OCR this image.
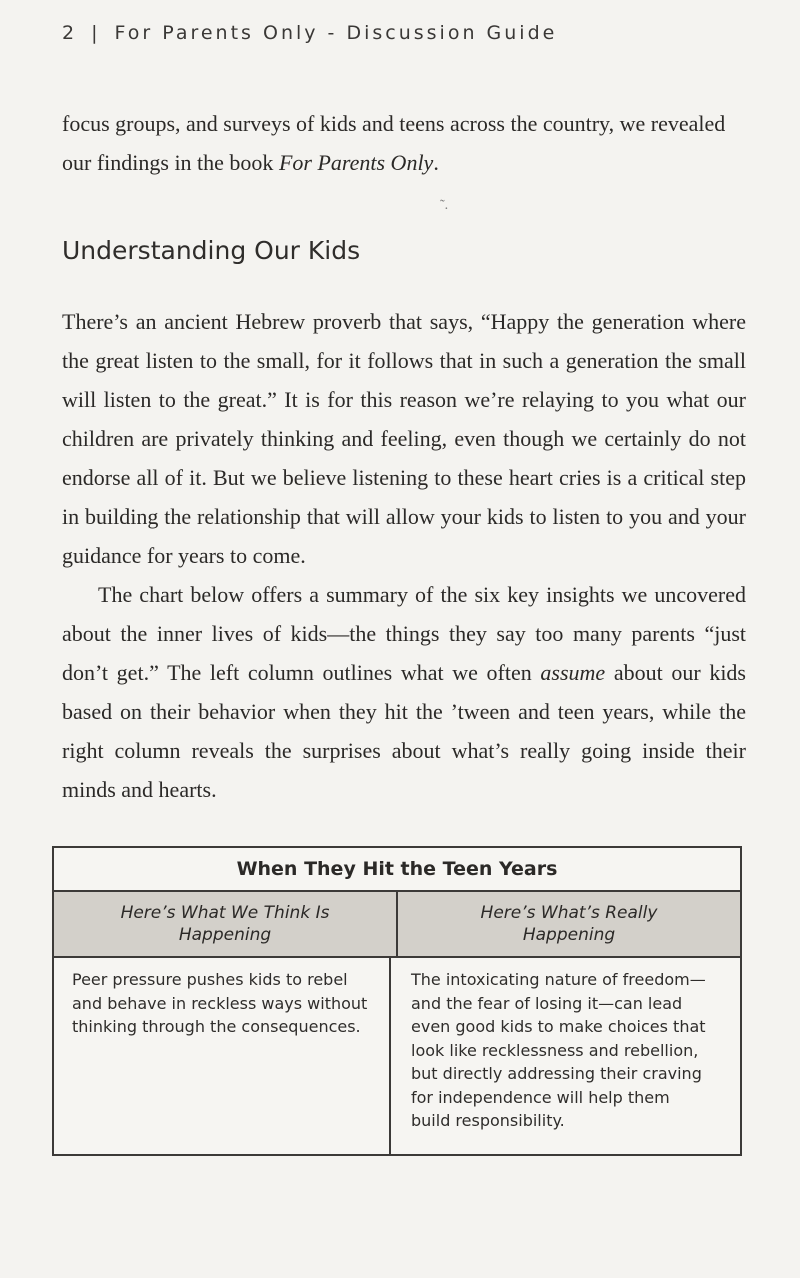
2 | For Parents Only - Discussion Guide

focus groups, and surveys of kids and teens across the country, we revealed our findings in the book For Parents Only.

˜.
Understanding Our Kids

There’s an ancient Hebrew proverb that says, “Happy the generation where the great listen to the small, for it follows that in such a generation the small will listen to the great.” It is for this reason we’re relaying to you what our children are privately thinking and feeling, even though we certainly do not endorse all of it. But we believe listening to these heart cries is a critical step in building the relationship that will allow your kids to listen to you and your guidance for years to come.

The chart below offers a summary of the six key insights we uncovered about the inner lives of kids—the things they say too many parents “just don’t get.” The left column outlines what we often assume about our kids based on their behavior when they hit the ’tween and teen years, while the right column reveals the surprises about what’s really going inside their minds and hearts.

When They Hit the Teen Years
Here’s What We Think Is Happening
Here’s What’s Really Happening
Peer pressure pushes kids to rebel and behave in reckless ways without thinking through the consequences.
The intoxicating nature of freedom—and the fear of losing it—can lead even good kids to make choices that look like recklessness and rebellion, but directly addressing their craving for independence will help them build responsibility.
